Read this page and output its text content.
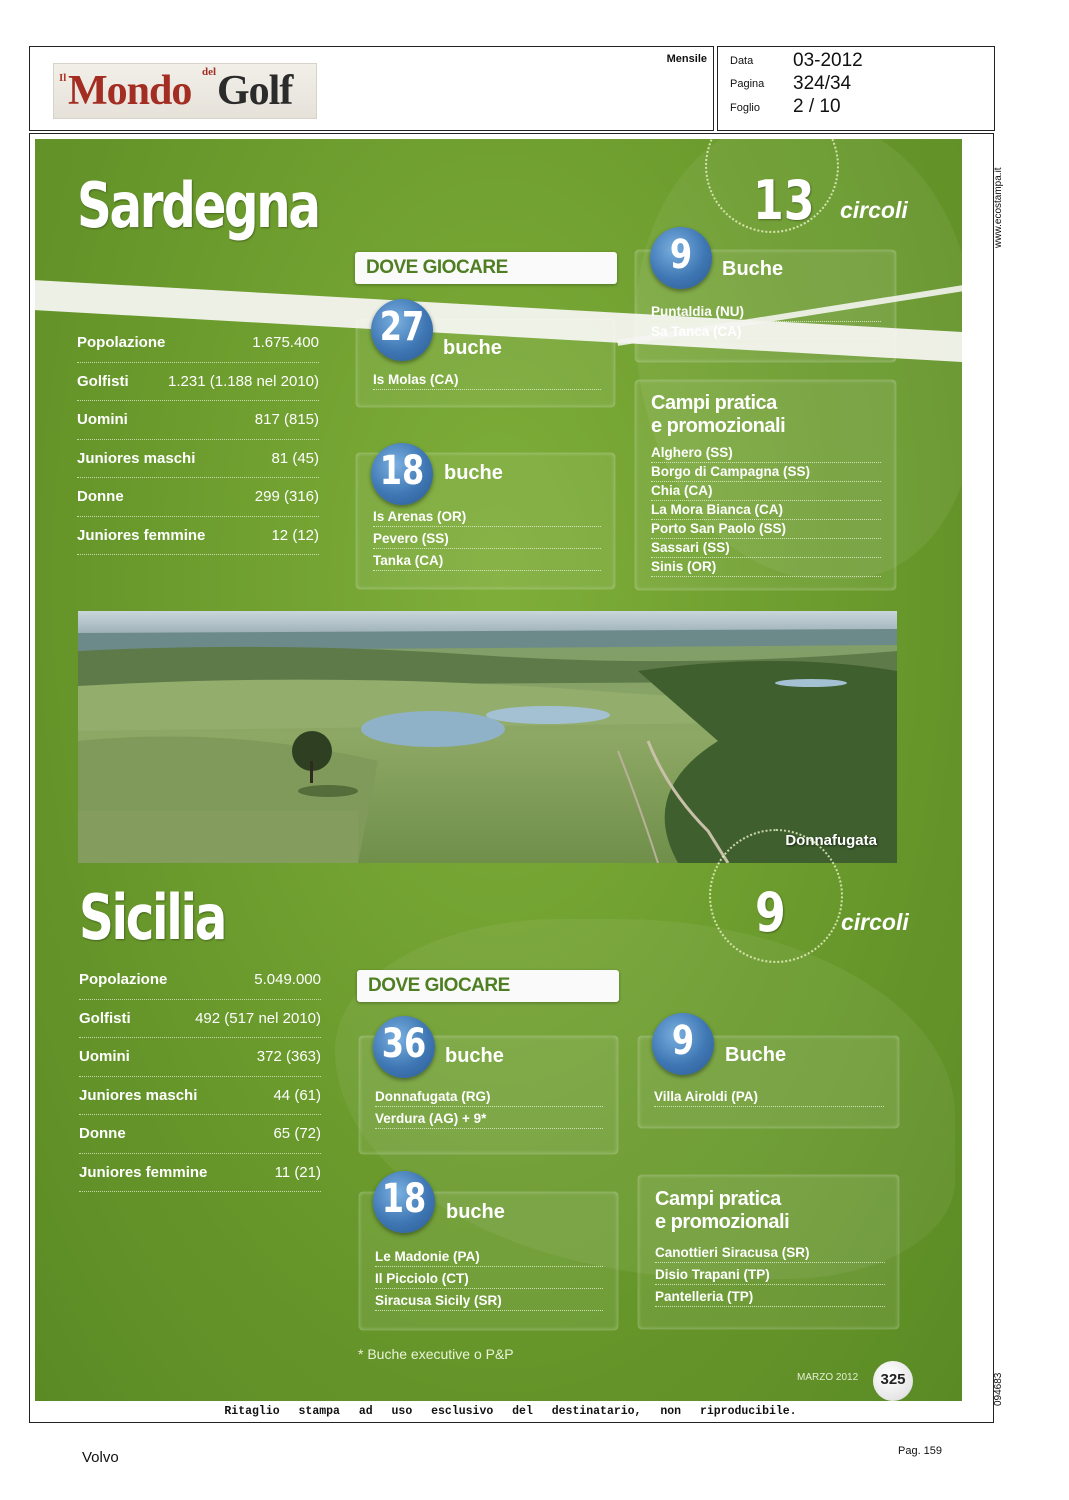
Il Mondo del Golf
Mensile Data 03-2012
Pagina 324/34
Foglio 2 / 10
www.ecostampa.it
094683
Sardegna	13 circoli
Popolazione	1.675.400
Golfisti	1.231 (1.188 nel 2010)
Uomini	817 (815)
Juniores maschi	81 (45)
Donne	299 (316)
Juniores femmine	12 (12)
DOVE GIOCARE
Is Molas (CA)
27 buche
Is Arenas (OR)
Pevero (SS)
Tanka (CA)
18 buche
Puntaldia (NU)
Sa Tanca (CA)
9	Buche
Campi pratica
e promozionali
Alghero (SS)
Borgo di Campagna (SS)
Chia (CA)
La Mora Bianca (CA)
Porto San Paolo (SS)
Sassari (SS)
Sinis (OR)
Donnafugata
Sicilia	9 circoli
Popolazione	5.049.000
Golfisti	492 (517 nel 2010)
Uomini	372 (363)
Juniores maschi	44 (61)
Donne	65 (72)
Juniores femmine	11 (21)
DOVE GIOCARE
Donnafugata (RG)
Verdura (AG) + 9*
36 buche
Le Madonie (PA)
Il Picciolo (CT)
Siracusa Sicily (SR)
18 buche
Villa Airoldi (PA)
9	Buche
Campi pratica
e promozionali
Canottieri Siracusa (SR)
Disio Trapani (TP)
Pantelleria (TP)
* Buche executive o P&P
MARZO 2012	325
Ritaglio stampa ad uso esclusivo del destinatario, non riproducibile.
Volvo	Pag. 159
